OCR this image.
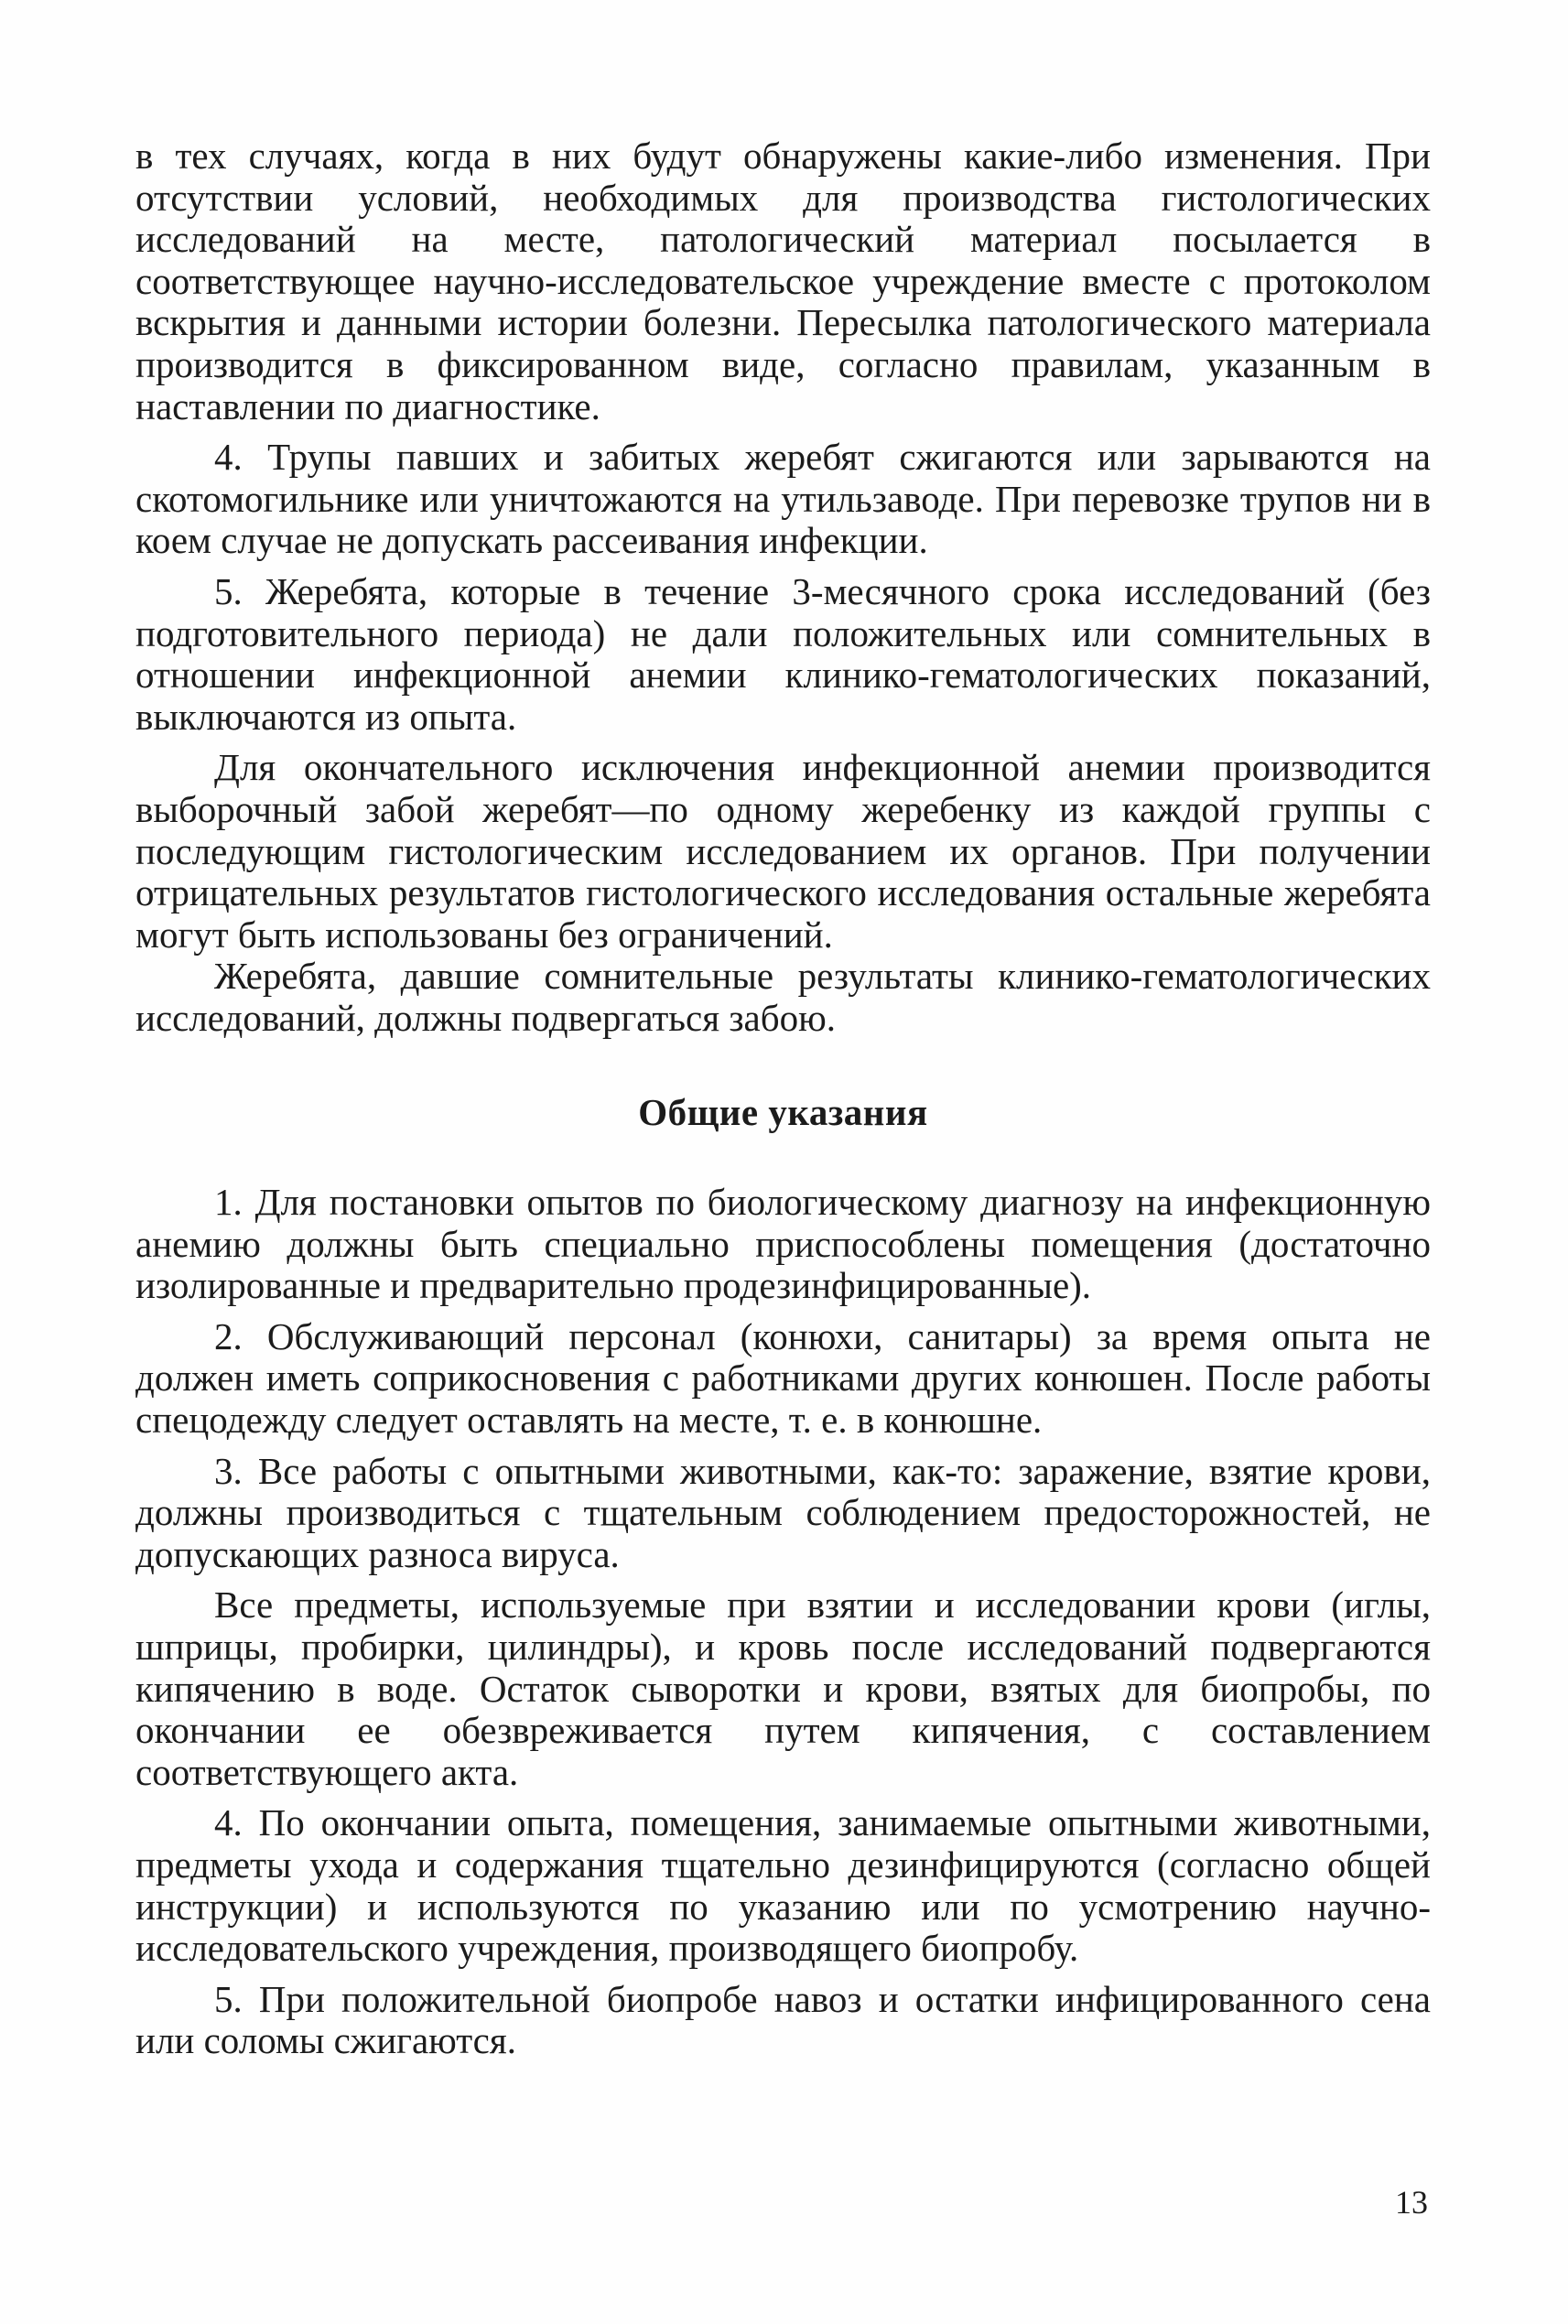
в тех случаях, когда в них будут обнаружены какие-либо изменения. При отсутствии условий, необходимых для производства гистологических исследований на месте, патологический материал посылается в соответствующее научно-исследовательское учреждение вместе с протоколом вскрытия и данными истории болезни. Пересылка патологического материала производится в фиксированном виде, согласно правилам, указанным в наставлении по диагностике.

4. Трупы павших и забитых жеребят сжигаются или зарываются на скотомогильнике или уничтожаются на утильзаводе. При перевозке трупов ни в коем случае не допускать рассеивания инфекции.

5. Жеребята, которые в течение 3-месячного срока исследований (без подготовительного периода) не дали положительных или сомнительных в отношении инфекционной анемии клинико-гематологических показаний, выключаются из опыта.

Для окончательного исключения инфекционной анемии производится выборочный забой жеребят—по одному жеребенку из каждой группы с последующим гистологическим исследованием их органов. При получении отрицательных результатов гистологического исследования остальные жеребята могут быть использованы без ограничений.

Жеребята, давшие сомнительные результаты клинико-гематологических исследований, должны подвергаться забою.

Общие указания

1. Для постановки опытов по биологическому диагнозу на инфекционную анемию должны быть специально приспособлены помещения (достаточно изолированные и предварительно продезинфицированные).

2. Обслуживающий персонал (конюхи, санитары) за время опыта не должен иметь соприкосновения с работниками других конюшен. После работы спецодежду следует оставлять на месте, т. е. в конюшне.

3. Все работы с опытными животными, как-то: заражение, взятие крови, должны производиться с тщательным соблюдением предосторожностей, не допускающих разноса вируса.

Все предметы, используемые при взятии и исследовании крови (иглы, шприцы, пробирки, цилиндры), и кровь после исследований подвергаются кипячению в воде. Остаток сыворотки и крови, взятых для биопробы, по окончании ее обезвреживается путем кипячения, с составлением соответствующего акта.

4. По окончании опыта, помещения, занимаемые опытными животными, предметы ухода и содержания тщательно дезинфицируются (согласно общей инструкции) и используются по указанию или по усмотрению научно-исследовательского учреждения, производящего биопробу.

5. При положительной биопробе навоз и остатки инфицированного сена или соломы сжигаются.

13
